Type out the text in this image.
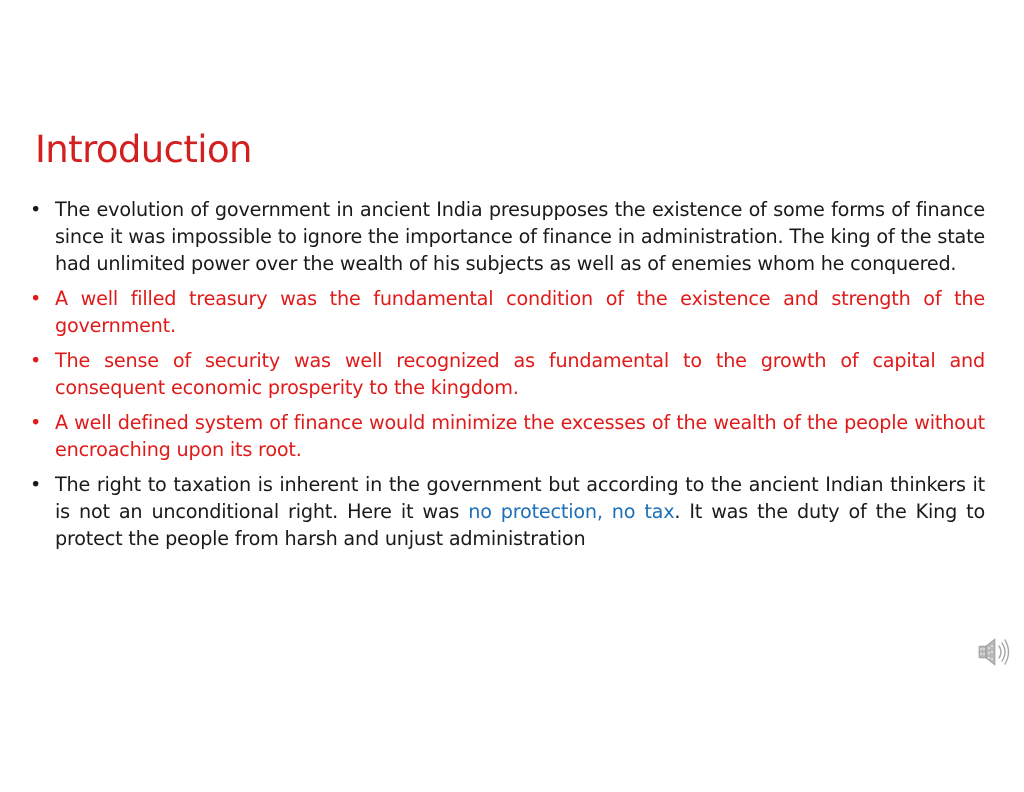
Introduction
• The evolution of government in ancient India presupposes the existence of some forms of finance since it was impossible to ignore the importance of finance in administration. The king of the state had unlimited power over the wealth of his subjects as well as of enemies whom he conquered.
• A well filled treasury was the fundamental condition of the existence and strength of the government.
• The sense of security was well recognized as fundamental to the growth of capital and consequent economic prosperity to the kingdom.
• A well defined system of finance would minimize the excesses of the wealth of the people without encroaching upon its root.
• The right to taxation is inherent in the government but according to the ancient Indian thinkers it is not an unconditional right. Here it was no protection, no tax. It was the duty of the King to protect the people from harsh and unjust administration
